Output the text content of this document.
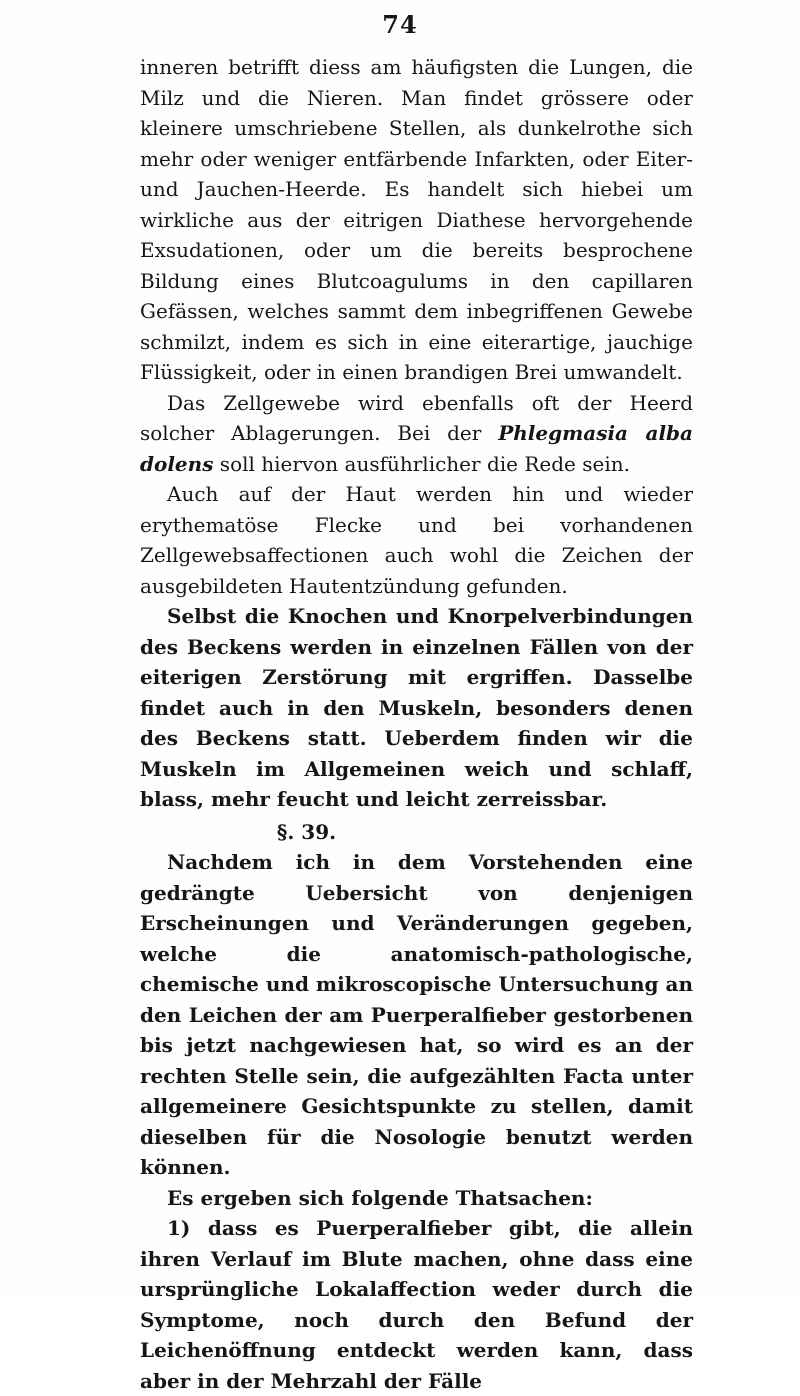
74

inneren betrifft diess am häufigsten die Lungen, die Milz und die Nieren. Man findet grössere oder kleinere umschriebene Stellen, als dunkelrothe sich mehr oder weniger entfärbende Infarkten, oder Eiter- und Jauchen-Heerde. Es handelt sich hiebei um wirkliche aus der eitrigen Diathese hervorgehende Exsudationen, oder um die bereits besprochene Bildung eines Blutcoagulums in den capillaren Gefässen, welches sammt dem inbegriffenen Gewebe schmilzt, indem es sich in eine eiterartige, jauchige Flüssigkeit, oder in einen brandigen Brei umwandelt.

Das Zellgewebe wird ebenfalls oft der Heerd solcher Ablagerungen. Bei der Phlegmasia alba dolens soll hiervon ausführlicher die Rede sein.

Auch auf der Haut werden hin und wieder erythematöse Flecke und bei vorhandenen Zellgewebsaffectionen auch wohl die Zeichen der ausgebildeten Hautentzündung gefunden.

Selbst die Knochen und Knorpelverbindungen des Beckens werden in einzelnen Fällen von der eiterigen Zerstörung mit ergriffen. Dasselbe findet auch in den Muskeln, besonders denen des Beckens statt. Ueberdem finden wir die Muskeln im Allgemeinen weich und schlaff, blass, mehr feucht und leicht zerreissbar.

§. 39.

Nachdem ich in dem Vorstehenden eine gedrängte Uebersicht von denjenigen Erscheinungen und Veränderungen gegeben, welche die anatomisch-pathologische, chemische und mikroscopische Untersuchung an den Leichen der am Puerperalfieber gestorbenen bis jetzt nachgewiesen hat, so wird es an der rechten Stelle sein, die aufgezählten Facta unter allgemeinere Gesichtspunkte zu stellen, damit dieselben für die Nosologie benutzt werden können.

Es ergeben sich folgende Thatsachen:

1) dass es Puerperalfieber gibt, die allein ihren Verlauf im Blute machen, ohne dass eine ursprüngliche Lokalaffection weder durch die Symptome, noch durch den Befund der Leichenöffnung entdeckt werden kann, dass aber in der Mehrzahl der Fälle
